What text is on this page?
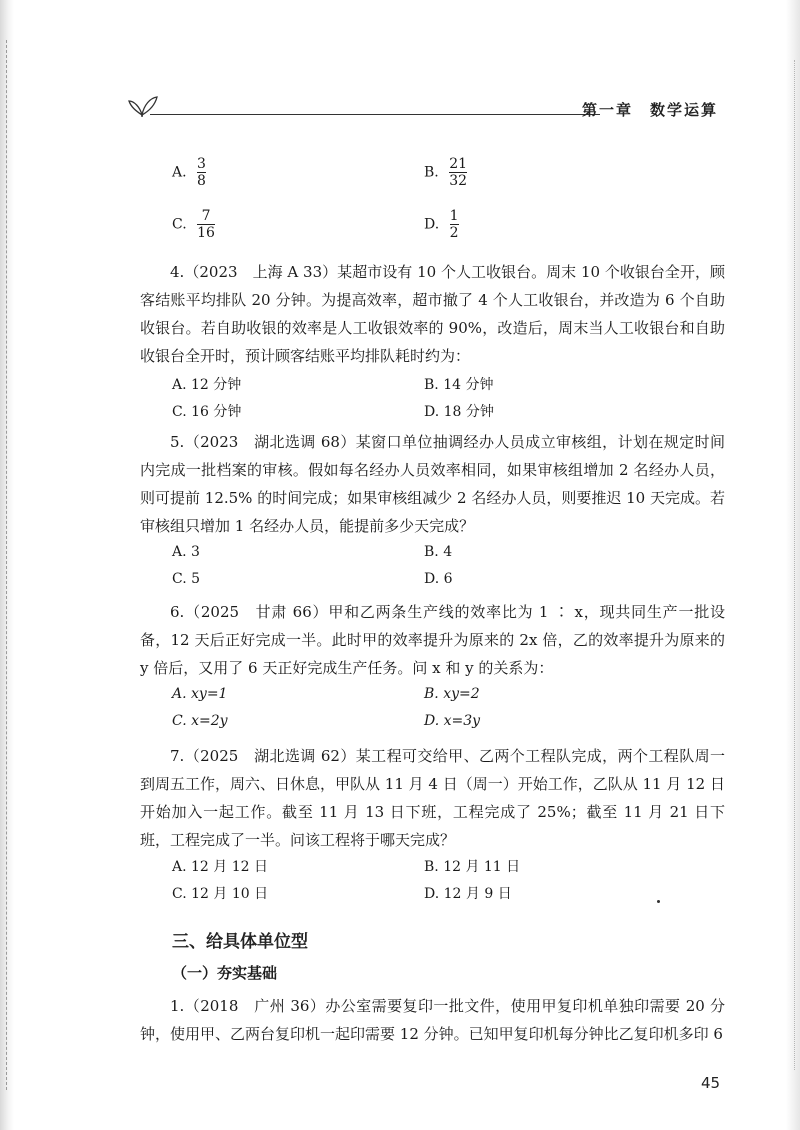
第一章　数学运算
A. $\frac{3}{8}$	B. $\frac{21}{32}$
C. $\frac{7}{16}$	D. $\frac{1}{2}$

4.（2023　上海 A 33）某超市设有 10 个人工收银台。周末 10 个收银台全开，顾客结账平均排队 20 分钟。为提高效率，超市撤了 4 个人工收银台，并改造为 6 个自助收银台。若自助收银的效率是人工收银效率的 90%，改造后，周末当人工收银台和自助收银台全开时，预计顾客结账平均排队耗时约为：

A. 12 分钟	B. 14 分钟
C. 16 分钟	D. 18 分钟

5.（2023　湖北选调 68）某窗口单位抽调经办人员成立审核组，计划在规定时间内完成一批档案的审核。假如每名经办人员效率相同，如果审核组增加 2 名经办人员，则可提前 12.5% 的时间完成；如果审核组减少 2 名经办人员，则要推迟 10 天完成。若审核组只增加 1 名经办人员，能提前多少天完成？

A. 3	B. 4
C. 5	D. 6

6.（2025　甘肃 66）甲和乙两条生产线的效率比为 1 ∶ x，现共同生产一批设备，12 天后正好完成一半。此时甲的效率提升为原来的 2x 倍，乙的效率提升为原来的 y 倍后，又用了 6 天正好完成生产任务。问 x 和 y 的关系为：

A. xy=1	B. xy=2
C. x=2y	D. x=3y

7.（2025　湖北选调 62）某工程可交给甲、乙两个工程队完成，两个工程队周一到周五工作，周六、日休息，甲队从 11 月 4 日（周一）开始工作，乙队从 11 月 12 日开始加入一起工作。截至 11 月 13 日下班，工程完成了 25%；截至 11 月 21 日下班，工程完成了一半。问该工程将于哪天完成？

A. 12 月 12 日	B. 12 月 11 日
C. 12 月 10 日	D. 12 月 9 日
三、给具体单位型
（一）夯实基础

1.（2018　广州 36）办公室需要复印一批文件，使用甲复印机单独印需要 20 分钟，使用甲、乙两台复印机一起印需要 12 分钟。已知甲复印机每分钟比乙复印机多印 6

45
